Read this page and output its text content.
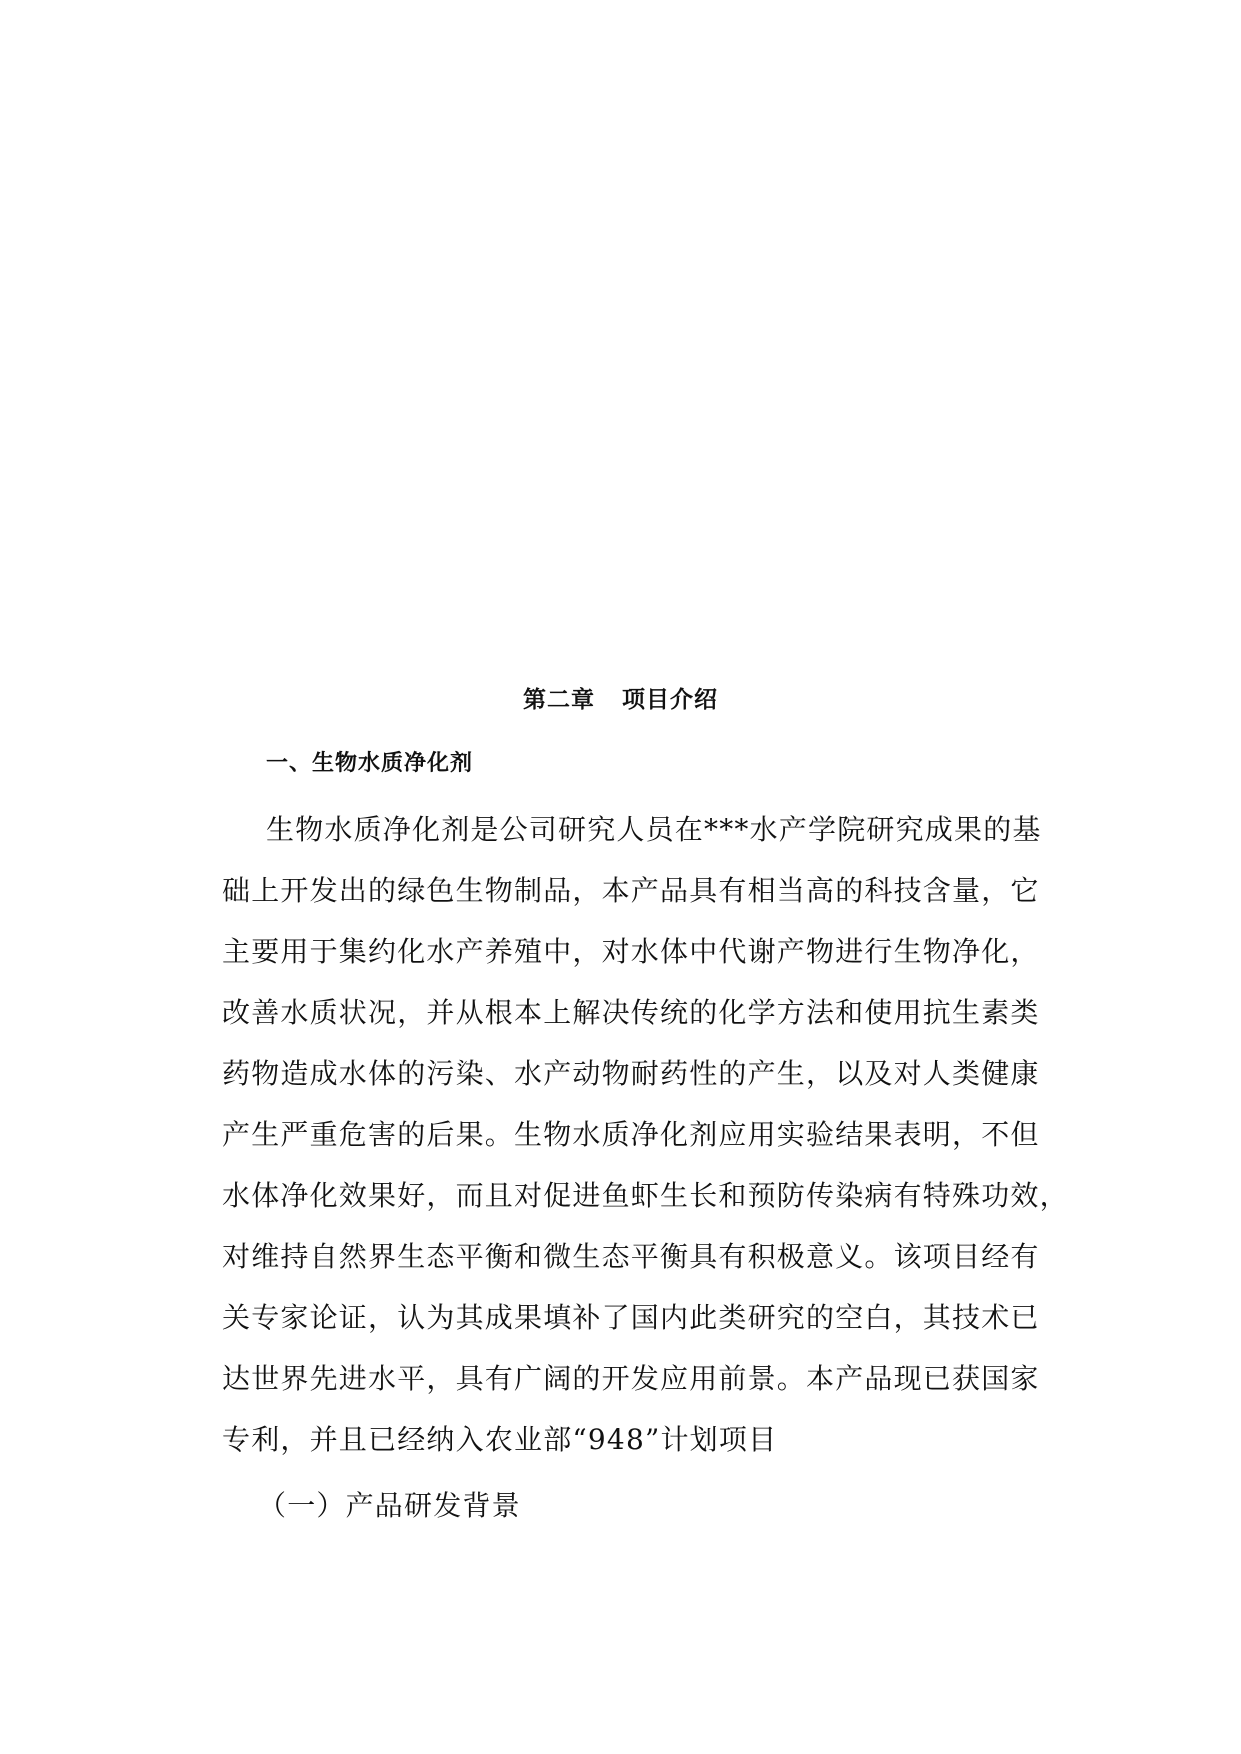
第二章   项目介绍
一、生物水质净化剂
生物水质净化剂是公司研究人员在***水产学院研究成果的基
础上开发出的绿色生物制品，本产品具有相当高的科技含量，它
主要用于集约化水产养殖中，对水体中代谢产物进行生物净化，
改善水质状况，并从根本上解决传统的化学方法和使用抗生素类
药物造成水体的污染、水产动物耐药性的产生，以及对人类健康
产生严重危害的后果。生物水质净化剂应用实验结果表明，不但
水体净化效果好，而且对促进鱼虾生长和预防传染病有特殊功效，
对维持自然界生态平衡和微生态平衡具有积极意义。该项目经有
关专家论证，认为其成果填补了国内此类研究的空白，其技术已
达世界先进水平，具有广阔的开发应用前景。本产品现已获国家
专利，并且已经纳入农业部“948”计划项目
（一）产品研发背景
